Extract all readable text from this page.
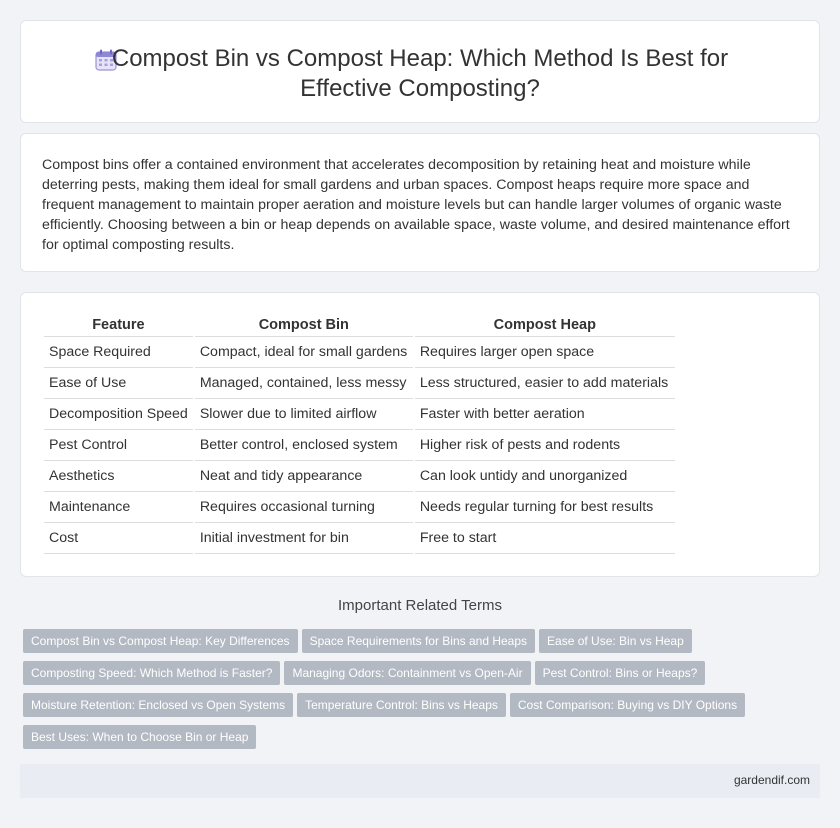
Compost Bin vs Compost Heap: Which Method Is Best for Effective Composting?

Compost bins offer a contained environment that accelerates decomposition by retaining heat and moisture while deterring pests, making them ideal for small gardens and urban spaces. Compost heaps require more space and frequent management to maintain proper aeration and moisture levels but can handle larger volumes of organic waste efficiently. Choosing between a bin or heap depends on available space, waste volume, and desired maintenance effort for optimal composting results.

Feature	Compost Bin	Compost Heap
Space Required	Compact, ideal for small gardens	Requires larger open space
Ease of Use	Managed, contained, less messy	Less structured, easier to add materials
Decomposition Speed	Slower due to limited airflow	Faster with better aeration
Pest Control	Better control, enclosed system	Higher risk of pests and rodents
Aesthetics	Neat and tidy appearance	Can look untidy and unorganized
Maintenance	Requires occasional turning	Needs regular turning for best results
Cost	Initial investment for bin	Free to start
Important Related Terms
Compost Bin vs Compost Heap: Key Differences Space Requirements for Bins and Heaps Ease of Use: Bin vs Heap
Composting Speed: Which Method is Faster? Managing Odors: Containment vs Open-Air Pest Control: Bins or Heaps?
Moisture Retention: Enclosed vs Open Systems Temperature Control: Bins vs Heaps Cost Comparison: Buying vs DIY Options
Best Uses: When to Choose Bin or Heap
gardendif.com
